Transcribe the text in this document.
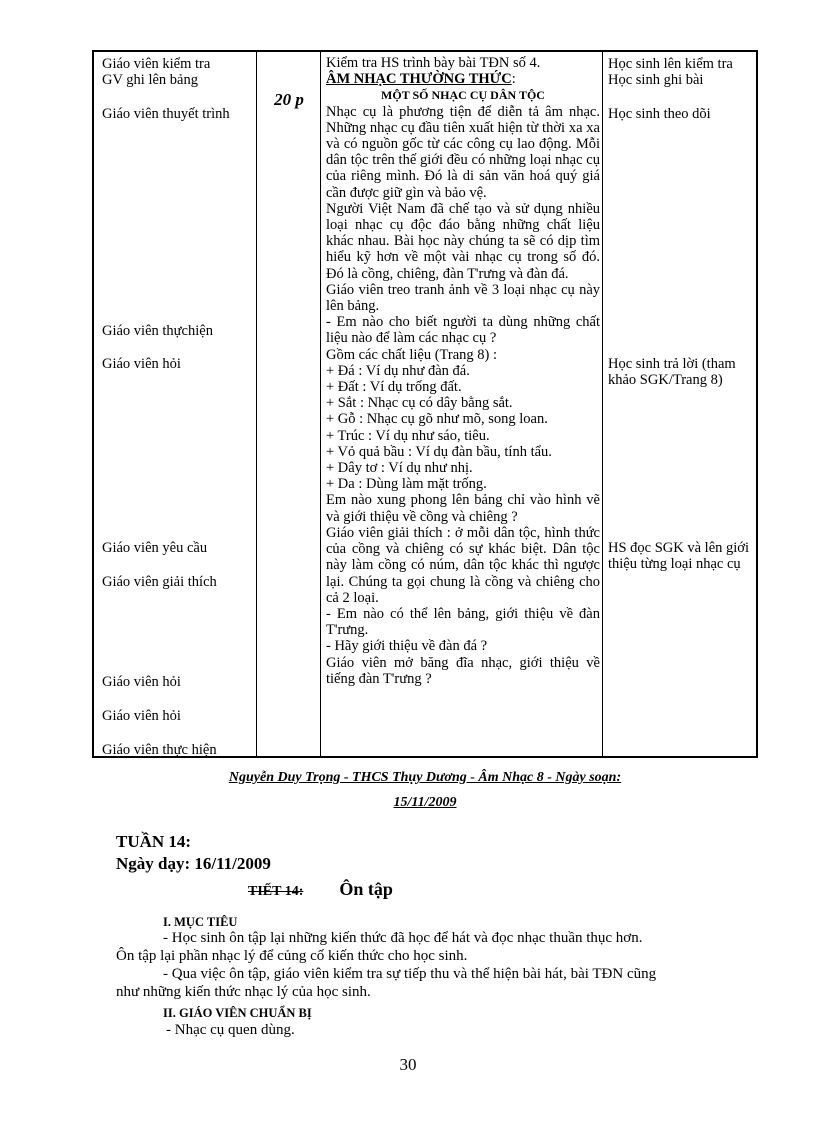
Giáo viên kiểm tra
GV ghi lên bảng
Giáo viên thuyết trình
Giáo viên thựchiện
Giáo viên hỏi
Giáo viên yêu cầu
Giáo viên giải thích
Giáo viên hỏi
Giáo viên hỏi
Giáo viên thực hiện
20 p
Kiểm tra HS trình bày bài TĐN số 4.
ÂM NHẠC THƯỜNG THỨC:
MỘT SỐ NHẠC CỤ DÂN TỘC
Nhạc cụ là phương tiện để diễn tả âm nhạc. Những nhạc cụ đầu tiên xuất hiện từ thời xa xa và có nguồn gốc từ các công cụ lao động. Mỗi dân tộc trên thế giới đều có những loại nhạc cụ của riêng mình. Đó là di sản văn hoá quý giá cần được giữ gìn và bảo vệ.
Người Việt Nam đã chế tạo và sử dụng nhiều loại nhạc cụ độc đáo bằng những chất liệu khác nhau. Bài học này chúng ta sẽ có dịp tìm hiểu kỹ hơn về một vài nhạc cụ trong số đó. Đó là cồng, chiêng, đàn T'rưng và đàn đá.
Giáo viên treo tranh ảnh về 3 loại nhạc cụ này lên bảng.
- Em nào cho biết người ta dùng những chất liệu nào để làm các nhạc cụ ?
Gồm các chất liệu (Trang 8) :
+ Đá : Ví dụ như đàn đá.
+ Đất : Ví dụ trống đất.
+ Sắt : Nhạc cụ có dây bằng sắt.
+ Gỗ : Nhạc cụ gõ như mõ, song loan.
+ Trúc : Ví dụ như sáo, tiêu.
+ Vỏ quả bầu : Ví dụ đàn bầu, tính tẩu.
+ Dây tơ : Ví dụ như nhị.
+ Da : Dùng làm mặt trống.
Em nào xung phong lên bảng chỉ vào hình vẽ và giới thiệu về cồng và chiêng ?
Giáo viên giải thích : ở mỗi dân tộc, hình thức của cồng và chiêng có sự khác biệt. Dân tộc này làm cồng có núm, dân tộc khác thì ngược lại. Chúng ta gọi chung là cồng và chiêng cho cả 2 loại.
- Em nào có thể lên bảng, giới thiệu về đàn T'rưng.
- Hãy giới thiệu về đàn đá ?
Giáo viên mở băng đĩa nhạc, giới thiệu về tiếng đàn T'rưng ?
Học sinh lên kiểm tra
Học sinh ghi bài
Học sinh theo dõi
Học sinh trả lời (tham khảo SGK/Trang 8)
HS đọc SGK và lên giới thiệu từng loại nhạc cụ
Nguyễn Duy Trọng - THCS Thụy Dương - Âm Nhạc 8 - Ngày soạn:
15/11/2009
TUẦN 14:
Ngày dạy: 16/11/2009
TIẾT 14: Ôn tập
I. MỤC TIÊU
- Học sinh ôn tập lại những kiến thức đã học để hát và đọc nhạc thuần thục hơn.
Ôn tập lại phần nhạc lý để củng cố kiến thức cho học sinh.
- Qua việc ôn tập, giáo viên kiểm tra sự tiếp thu và thể hiện bài hát, bài TĐN cũng
như những kiến thức nhạc lý của học sinh.
II. GIÁO VIÊN CHUẨN BỊ
- Nhạc cụ quen dùng.
30
